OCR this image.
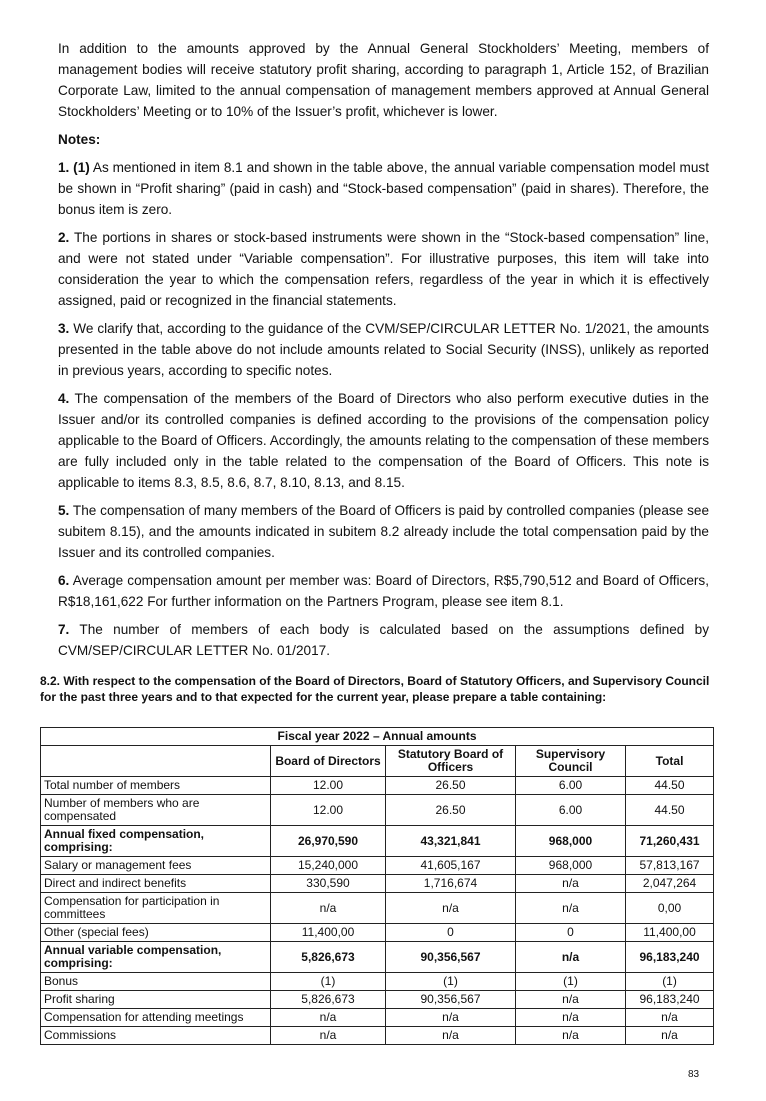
In addition to the amounts approved by the Annual General Stockholders’ Meeting, members of management bodies will receive statutory profit sharing, according to paragraph 1, Article 152, of Brazilian Corporate Law, limited to the annual compensation of management members approved at Annual General Stockholders’ Meeting or to 10% of the Issuer’s profit, whichever is lower.

Notes:

1. (1) As mentioned in item 8.1 and shown in the table above, the annual variable compensation model must be shown in “Profit sharing” (paid in cash) and “Stock-based compensation” (paid in shares). Therefore, the bonus item is zero.

2. The portions in shares or stock-based instruments were shown in the “Stock-based compensation” line, and were not stated under “Variable compensation”. For illustrative purposes, this item will take into consideration the year to which the compensation refers, regardless of the year in which it is effectively assigned, paid or recognized in the financial statements.

3. We clarify that, according to the guidance of the CVM/SEP/CIRCULAR LETTER No. 1/2021, the amounts presented in the table above do not include amounts related to Social Security (INSS), unlikely as reported in previous years, according to specific notes.

4. The compensation of the members of the Board of Directors who also perform executive duties in the Issuer and/or its controlled companies is defined according to the provisions of the compensation policy applicable to the Board of Officers. Accordingly, the amounts relating to the compensation of these members are fully included only in the table related to the compensation of the Board of Officers. This note is applicable to items 8.3, 8.5, 8.6, 8.7, 8.10, 8.13, and 8.15.

5. The compensation of many members of the Board of Officers is paid by controlled companies (please see subitem 8.15), and the amounts indicated in subitem 8.2 already include the total compensation paid by the Issuer and its controlled companies.

6. Average compensation amount per member was: Board of Directors, R$5,790,512 and Board of Officers, R$18,161,622 For further information on the Partners Program, please see item 8.1.

7. The number of members of each body is calculated based on the assumptions defined by CVM/SEP/CIRCULAR LETTER No. 01/2017.

8.2. With respect to the compensation of the Board of Directors, Board of Statutory Officers, and Supervisory Council for the past three years and to that expected for the current year, please prepare a table containing:
Fiscal year 2022 – Annual amounts				
	Board of Directors	Statutory Board of Officers	Supervisory Council	Total
Total number of members	12.00	26.50	6.00	44.50
Number of members who are compensated	12.00	26.50	6.00	44.50
Annual fixed compensation, comprising:	26,970,590	43,321,841	968,000	71,260,431
Salary or management fees	15,240,000	41,605,167	968,000	57,813,167
Direct and indirect benefits	330,590	1,716,674	n/a	2,047,264
Compensation for participation in committees	n/a	n/a	n/a	0,00
Other (special fees)	11,400,00	0	0	11,400,00
Annual variable compensation, comprising:	5,826,673	90,356,567	n/a	96,183,240
Bonus	(1)	(1)	(1)	(1)
Profit sharing	5,826,673	90,356,567	n/a	96,183,240
Compensation for attending meetings	n/a	n/a	n/a	n/a
Commissions	n/a	n/a	n/a	n/a
83
